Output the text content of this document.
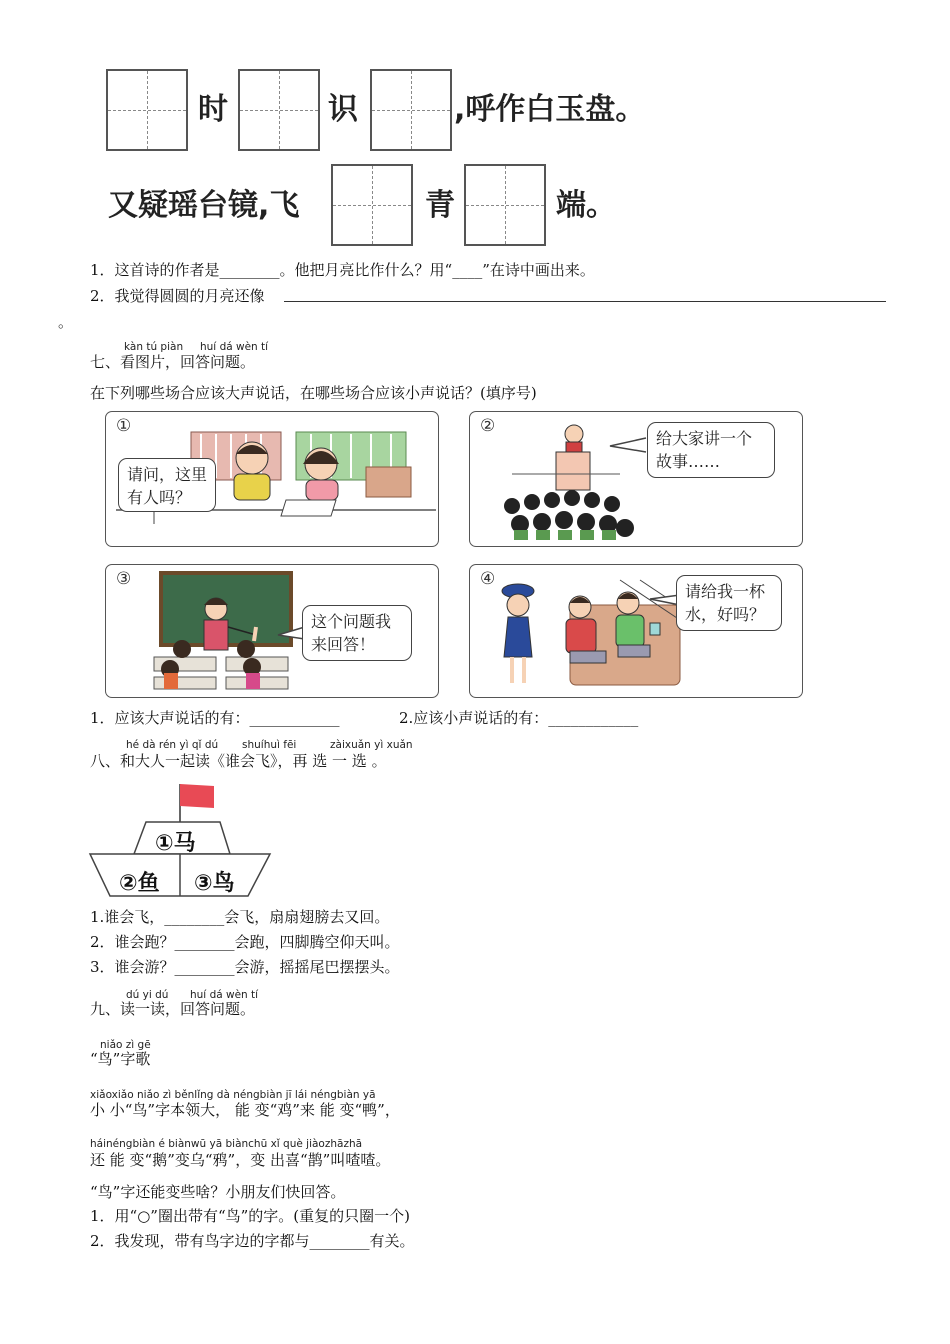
时	识	,呼作白玉盘。
又疑瑶台镜,飞	青	端。
1．这首诗的作者是________。他把月亮比作什么？用“____”在诗中画出来。
2．我觉得圆圆的月亮还像
。
kàn tú piàn huí dá wèn tí
七、看图片，回答问题。
在下列哪些场合应该大声说话，在哪些场合应该小声说话？(填序号)
①
请问，这里
有人吗？
②
给大家讲一个
故事……
③
这个问题我
来回答！
④
请给我一杯
水，好吗？
1．应该大声说话的有：____________	2.应该小声说话的有：____________
hé dà rén yì qǐ dú shuíhuì fēi	zàixuǎn yì xuǎn
八、和大人一起读《谁会飞》，再 选 一 选 。
①马
②鱼 ③鸟
1.谁会飞，________会飞，扇扇翅膀去又回。
2．谁会跑？________会跑，四脚腾空仰天叫。
3．谁会游？________会游，摇摇尾巴摆摆头。
dú yi dú huí dá wèn tí
九、读一读，回答问题。
niǎo zì gē
“鸟”字歌
xiǎoxiǎo niǎo zì běnlǐng dà néngbiàn jī lái néngbiàn yā
小 小“鸟”字本领大， 能 变“鸡”来 能 变“鸭”，
háinéngbiàn é biànwū yā biànchū xǐ què jiàozhāzhā
还 能 变“鹅”变乌“鸦”，变 出喜“鹊”叫喳喳。
“鸟”字还能变些啥？小朋友们快回答。
1．用“○”圈出带有“鸟”的字。(重复的只圈一个)
2．我发现，带有鸟字边的字都与________有关。
